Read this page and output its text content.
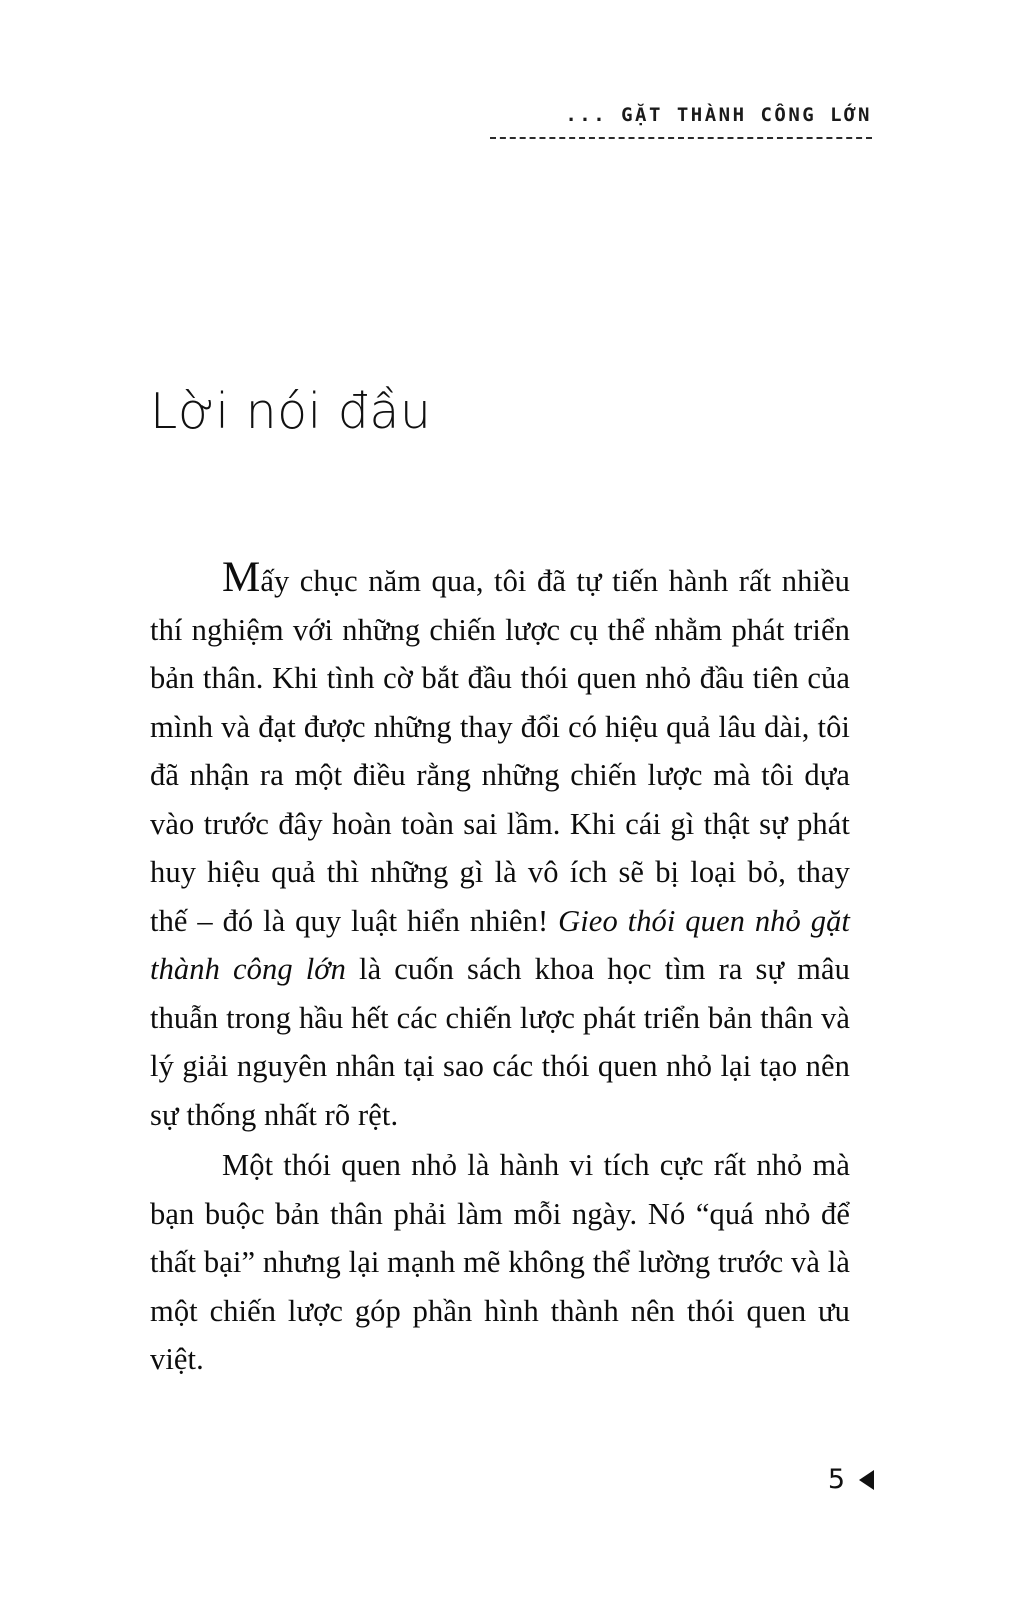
... GẶT THÀNH CÔNG LỚN
Lời nói đầu

Mấy chục năm qua, tôi đã tự tiến hành rất nhiều thí nghiệm với những chiến lược cụ thể nhằm phát triển bản thân. Khi tình cờ bắt đầu thói quen nhỏ đầu tiên của mình và đạt được những thay đổi có hiệu quả lâu dài, tôi đã nhận ra một điều rằng những chiến lược mà tôi dựa vào trước đây hoàn toàn sai lầm. Khi cái gì thật sự phát huy hiệu quả thì những gì là vô ích sẽ bị loại bỏ, thay thế – đó là quy luật hiển nhiên! Gieo thói quen nhỏ gặt thành công lớn là cuốn sách khoa học tìm ra sự mâu thuẫn trong hầu hết các chiến lược phát triển bản thân và lý giải nguyên nhân tại sao các thói quen nhỏ lại tạo nên sự thống nhất rõ rệt.

Một thói quen nhỏ là hành vi tích cực rất nhỏ mà bạn buộc bản thân phải làm mỗi ngày. Nó “quá nhỏ để thất bại” nhưng lại mạnh mẽ không thể lường trước và là một chiến lược góp phần hình thành nên thói quen ưu việt.

5
